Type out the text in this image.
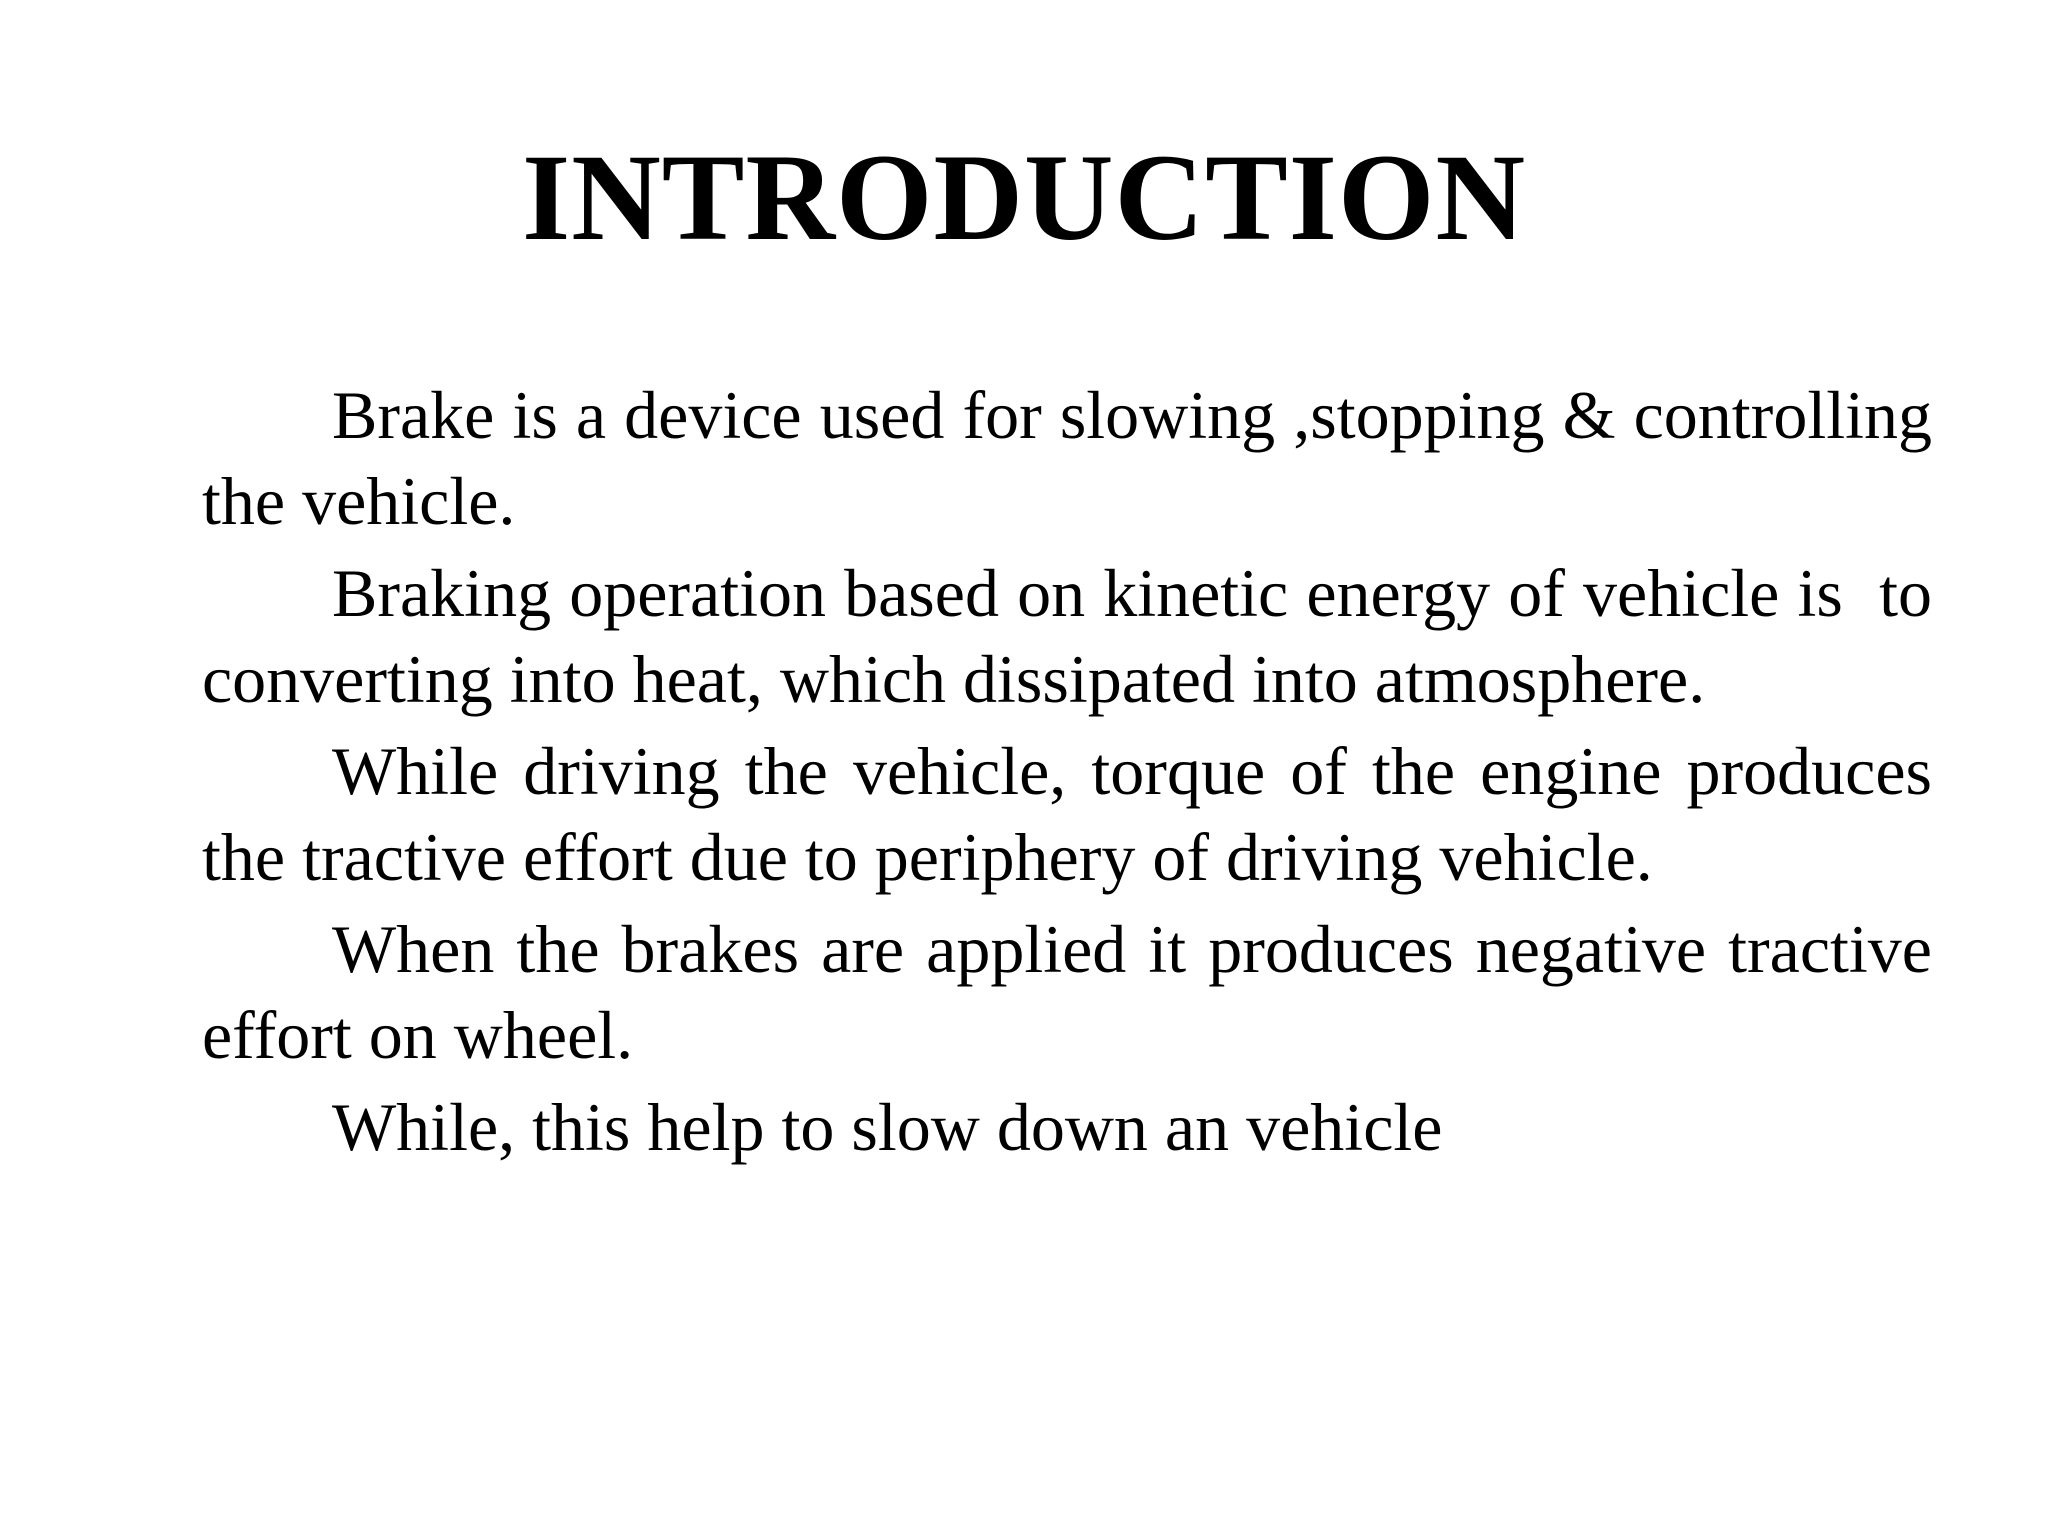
INTRODUCTION

Brake is a device used for slowing ,stopping & controlling the vehicle.

Braking operation based on kinetic energy of vehicle is  to converting into heat, which dissipated into atmosphere.

While driving the vehicle, torque of the engine produces  the tractive effort due to periphery of driving vehicle.

When the brakes are applied it produces negative tractive effort on wheel.

While, this help to slow down an vehicle
